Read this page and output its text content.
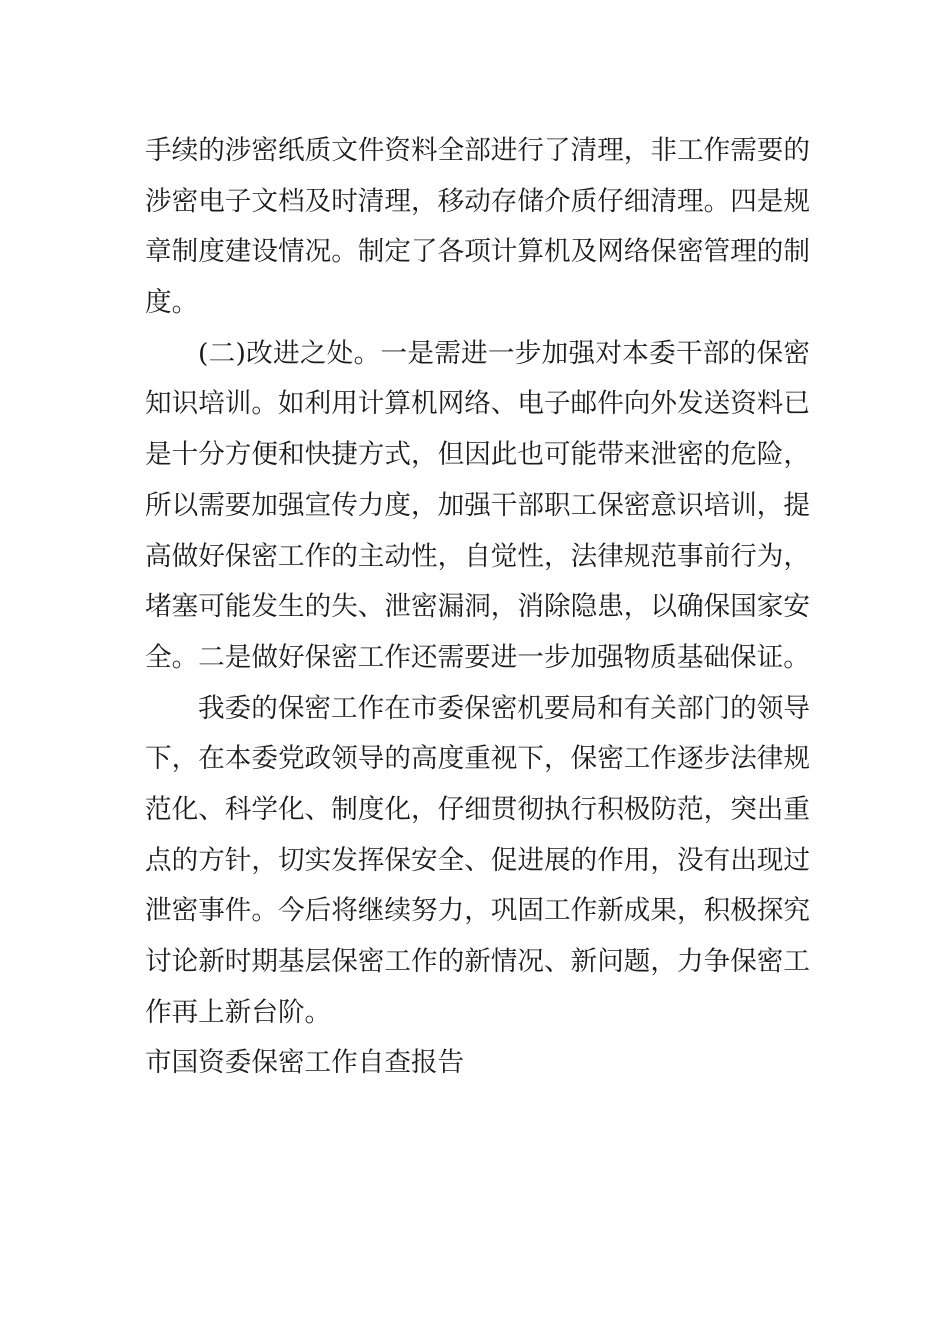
手续的涉密纸质文件资料全部进行了清理，非工作需要的
涉密电子文档及时清理，移动存储介质仔细清理。四是规
章制度建设情况。制定了各项计算机及网络保密管理的制
度。
(二)改进之处。一是需进一步加强对本委干部的保密
知识培训。如利用计算机网络、电子邮件向外发送资料已
是十分方便和快捷方式，但因此也可能带来泄密的危险，
所以需要加强宣传力度，加强干部职工保密意识培训，提
高做好保密工作的主动性，自觉性，法律规范事前行为，
堵塞可能发生的失、泄密漏洞，消除隐患，以确保国家安
全。二是做好保密工作还需要进一步加强物质基础保证。
我委的保密工作在市委保密机要局和有关部门的领导
下，在本委党政领导的高度重视下，保密工作逐步法律规
范化、科学化、制度化，仔细贯彻执行积极防范，突出重
点的方针，切实发挥保安全、促进展的作用，没有出现过
泄密事件。今后将继续努力，巩固工作新成果，积极探究
讨论新时期基层保密工作的新情况、新问题，力争保密工
作再上新台阶。
市国资委保密工作自查报告
